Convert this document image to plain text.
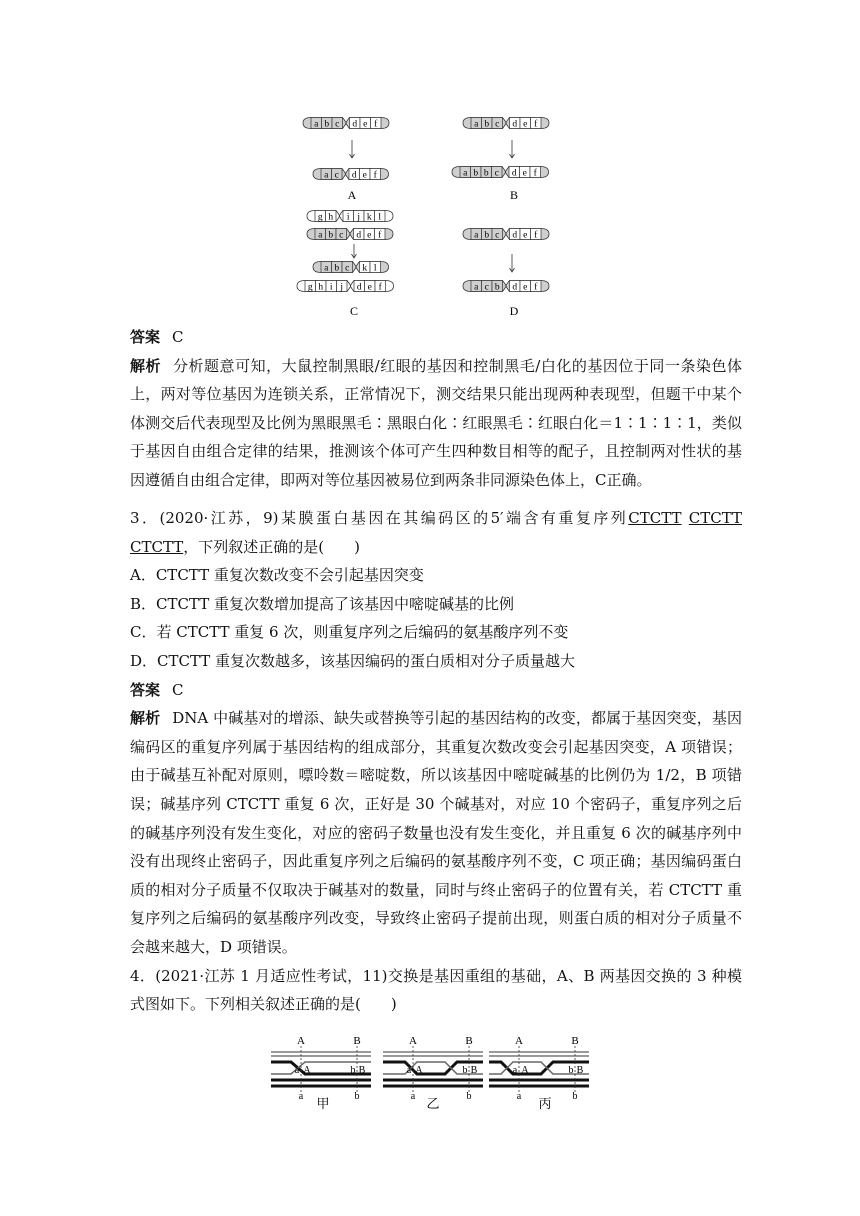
a b c d e f
a c d e f
a b c d e f
a b b c d e f
g h i j k l
a b c d e f
a b c k l
g h i j d e f
a b c d e f
a c b d e f
A	B
C	D

答案 C

解析 分析题意可知，大鼠控制黑眼/红眼的基因和控制黑毛/白化的基因位于同一条染色体上，两对等位基因为连锁关系，正常情况下，测交结果只能出现两种表现型，但题干中某个体测交后代表现型及比例为黑眼黑毛∶黑眼白化∶红眼黑毛∶红眼白化＝1∶1∶1∶1，类似于基因自由组合定律的结果，推测该个体可产生四种数目相等的配子，且控制两对性状的基因遵循自由组合定律，即两对等位基因被易位到两条非同源染色体上，C正确。

3．(2020·江苏，9)某膜蛋白基因在其编码区的5′端含有重复序列CTCTT CTCTT CTCTT，下列叙述正确的是(　　)

A．CTCTT 重复次数改变不会引起基因突变

B．CTCTT 重复次数增加提高了该基因中嘧啶碱基的比例

C．若 CTCTT 重复 6 次，则重复序列之后编码的氨基酸序列不变

D．CTCTT 重复次数越多，该基因编码的蛋白质相对分子质量越大

答案 C

解析 DNA 中碱基对的增添、缺失或替换等引起的基因结构的改变，都属于基因突变，基因编码区的重复序列属于基因结构的组成部分，其重复次数改变会引起基因突变，A 项错误；由于碱基互补配对原则，嘌呤数＝嘧啶数，所以该基因中嘧啶碱基的比例仍为 1/2，B 项错误；碱基序列 CTCTT 重复 6 次，正好是 30 个碱基对，对应 10 个密码子，重复序列之后的碱基序列没有发生变化，对应的密码子数量也没有发生变化，并且重复 6 次的碱基序列中没有出现终止密码子，因此重复序列之后编码的氨基酸序列不变，C 项正确；基因编码蛋白质的相对分子质量不仅取决于碱基对的数量，同时与终止密码子的位置有关，若 CTCTT 重复序列之后编码的氨基酸序列改变，导致终止密码子提前出现，则蛋白质的相对分子质量不会越来越大，D 项错误。

4．(2021·江苏 1 月适应性考试，11)交换是基因重组的基础，A、B 两基因交换的 3 种模式图如下。下列相关叙述正确的是(　　)

A	B
a A	b B
a	b
A	B
a A	b B
a	b
A	B
a A	b B
a	b
甲	乙	丙
